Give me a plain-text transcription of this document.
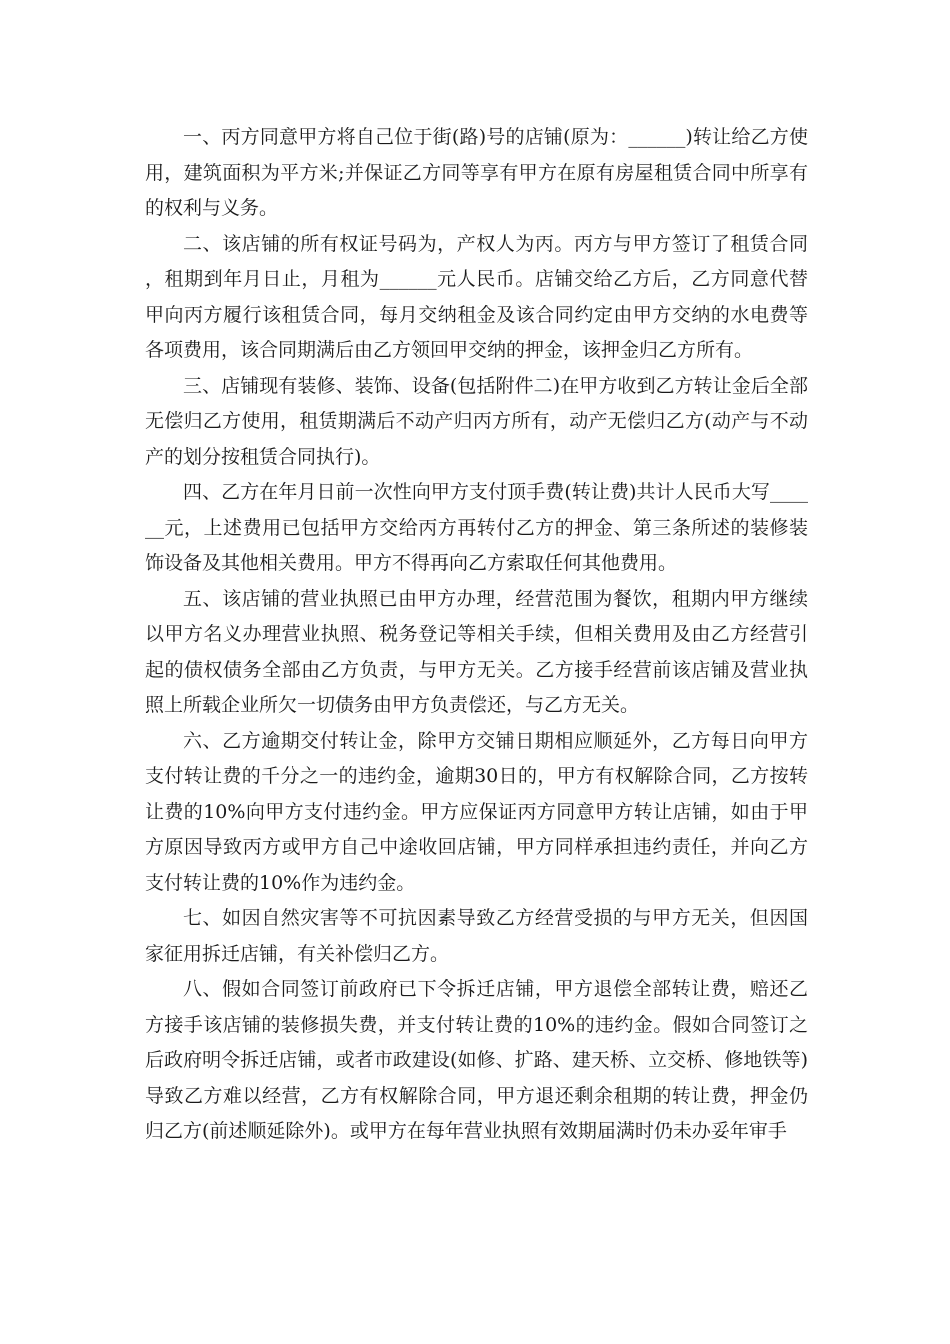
一、丙方同意甲方将自己位于街(路)号的店铺(原为：______)转让给乙方使用，建筑面积为平方米;并保证乙方同等享有甲方在原有房屋租赁合同中所享有的权利与义务。

二、该店铺的所有权证号码为，产权人为丙。丙方与甲方签订了租赁合同，租期到年月日止，月租为______元人民币。店铺交给乙方后，乙方同意代替甲向丙方履行该租赁合同，每月交纳租金及该合同约定由甲方交纳的水电费等各项费用，该合同期满后由乙方领回甲交纳的押金，该押金归乙方所有。

三、店铺现有装修、装饰、设备(包括附件二)在甲方收到乙方转让金后全部无偿归乙方使用，租赁期满后不动产归丙方所有，动产无偿归乙方(动产与不动产的划分按租赁合同执行)。

四、乙方在年月日前一次性向甲方支付顶手费(转让费)共计人民币大写______元，上述费用已包括甲方交给丙方再转付乙方的押金、第三条所述的装修装饰设备及其他相关费用。甲方不得再向乙方索取任何其他费用。

五、该店铺的营业执照已由甲方办理，经营范围为餐饮，租期内甲方继续以甲方名义办理营业执照、税务登记等相关手续，但相关费用及由乙方经营引起的债权债务全部由乙方负责，与甲方无关。乙方接手经营前该店铺及营业执照上所载企业所欠一切债务由甲方负责偿还，与乙方无关。

六、乙方逾期交付转让金，除甲方交铺日期相应顺延外，乙方每日向甲方支付转让费的千分之一的违约金，逾期30日的，甲方有权解除合同，乙方按转让费的10%向甲方支付违约金。甲方应保证丙方同意甲方转让店铺，如由于甲方原因导致丙方或甲方自己中途收回店铺，甲方同样承担违约责任，并向乙方支付转让费的10%作为违约金。

七、如因自然灾害等不可抗因素导致乙方经营受损的与甲方无关，但因国家征用拆迁店铺，有关补偿归乙方。

八、假如合同签订前政府已下令拆迁店铺，甲方退偿全部转让费，赔还乙方接手该店铺的装修损失费，并支付转让费的10%的违约金。假如合同签订之后政府明令拆迁店铺，或者市政建设(如修、扩路、建天桥、立交桥、修地铁等)导致乙方难以经营，乙方有权解除合同，甲方退还剩余租期的转让费，押金仍归乙方(前述顺延除外)。或甲方在每年营业执照有效期届满时仍未办妥年审手
